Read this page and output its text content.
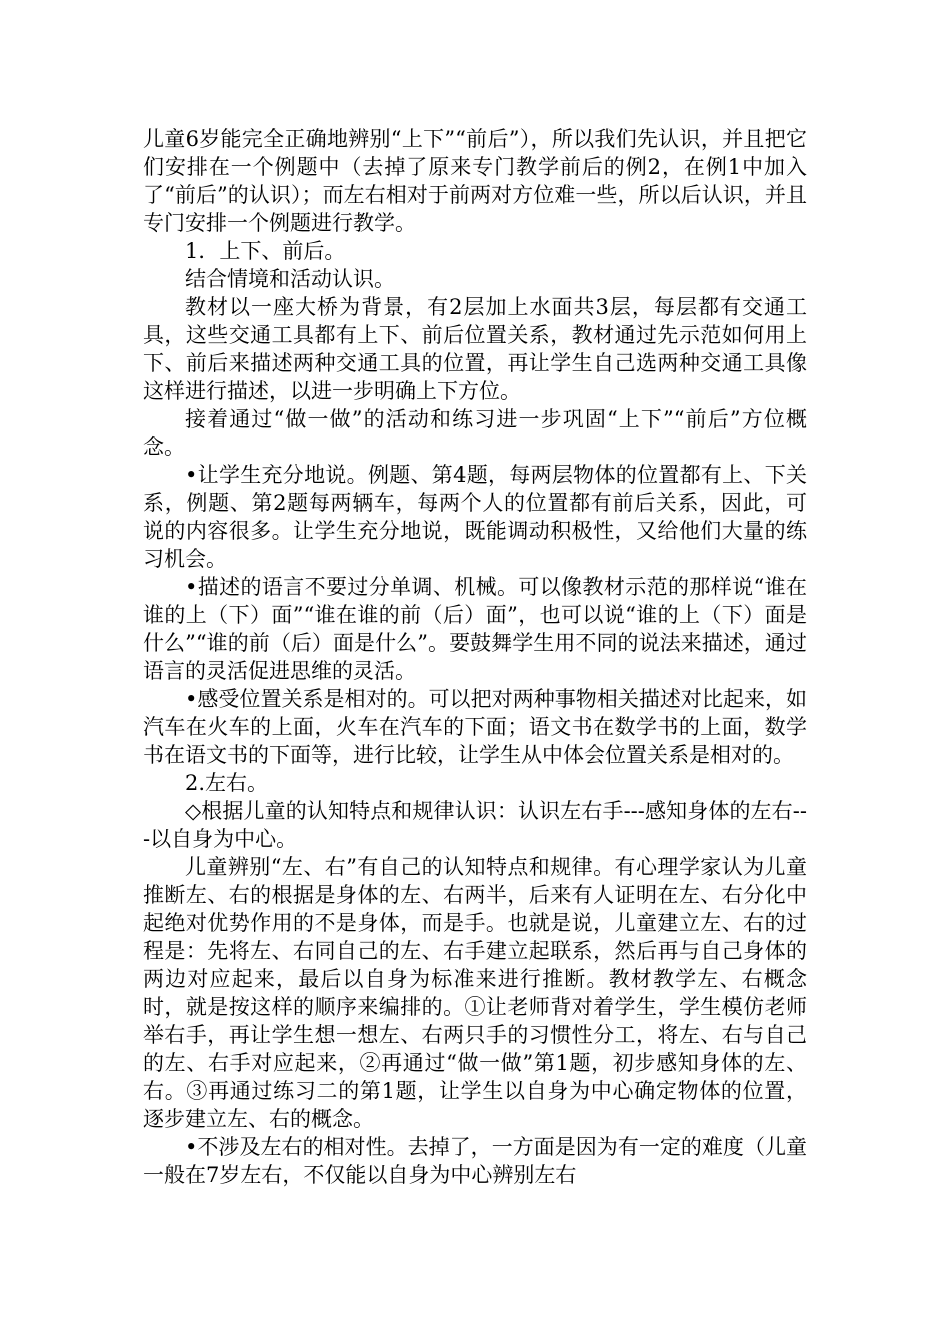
儿童6岁能完全正确地辨别“上下”“前后”），所以我们先认识，并且把它们安排在一个例题中（去掉了原来专门教学前后的例2，在例1中加入了“前后”的认识）；而左右相对于前两对方位难一些，所以后认识，并且专门安排一个例题进行教学。

1．上下、前后。

结合情境和活动认识。

教材以一座大桥为背景，有2层加上水面共3层，每层都有交通工具，这些交通工具都有上下、前后位置关系，教材通过先示范如何用上下、前后来描述两种交通工具的位置，再让学生自己选两种交通工具像这样进行描述，以进一步明确上下方位。

接着通过“做一做”的活动和练习进一步巩固“上下”“前后”方位概念。

•让学生充分地说。例题、第4题，每两层物体的位置都有上、下关系，例题、第2题每两辆车，每两个人的位置都有前后关系，因此，可说的内容很多。让学生充分地说，既能调动积极性，又给他们大量的练习机会。

•描述的语言不要过分单调、机械。可以像教材示范的那样说“谁在谁的上（下）面”“谁在谁的前（后）面”，也可以说“谁的上（下）面是什么”“谁的前（后）面是什么”。要鼓舞学生用不同的说法来描述，通过语言的灵活促进思维的灵活。

•感受位置关系是相对的。可以把对两种事物相关描述对比起来，如汽车在火车的上面，火车在汽车的下面；语文书在数学书的上面，数学书在语文书的下面等，进行比较，让学生从中体会位置关系是相对的。

2.左右。

◇根据儿童的认知特点和规律认识：认识左右手---感知身体的左右---以自身为中心。

儿童辨别“左、右”有自己的认知特点和规律。有心理学家认为儿童推断左、右的根据是身体的左、右两半，后来有人证明在左、右分化中起绝对优势作用的不是身体，而是手。也就是说，儿童建立左、右的过程是：先将左、右同自己的左、右手建立起联系，然后再与自己身体的两边对应起来，最后以自身为标准来进行推断。教材教学左、右概念时，就是按这样的顺序来编排的。①让老师背对着学生，学生模仿老师举右手，再让学生想一想左、右两只手的习惯性分工，将左、右与自己的左、右手对应起来，②再通过“做一做”第1题，初步感知身体的左、右。③再通过练习二的第1题，让学生以自身为中心确定物体的位置，逐步建立左、右的概念。

•不涉及左右的相对性。去掉了，一方面是因为有一定的难度（儿童一般在7岁左右，不仅能以自身为中心辨别左右
